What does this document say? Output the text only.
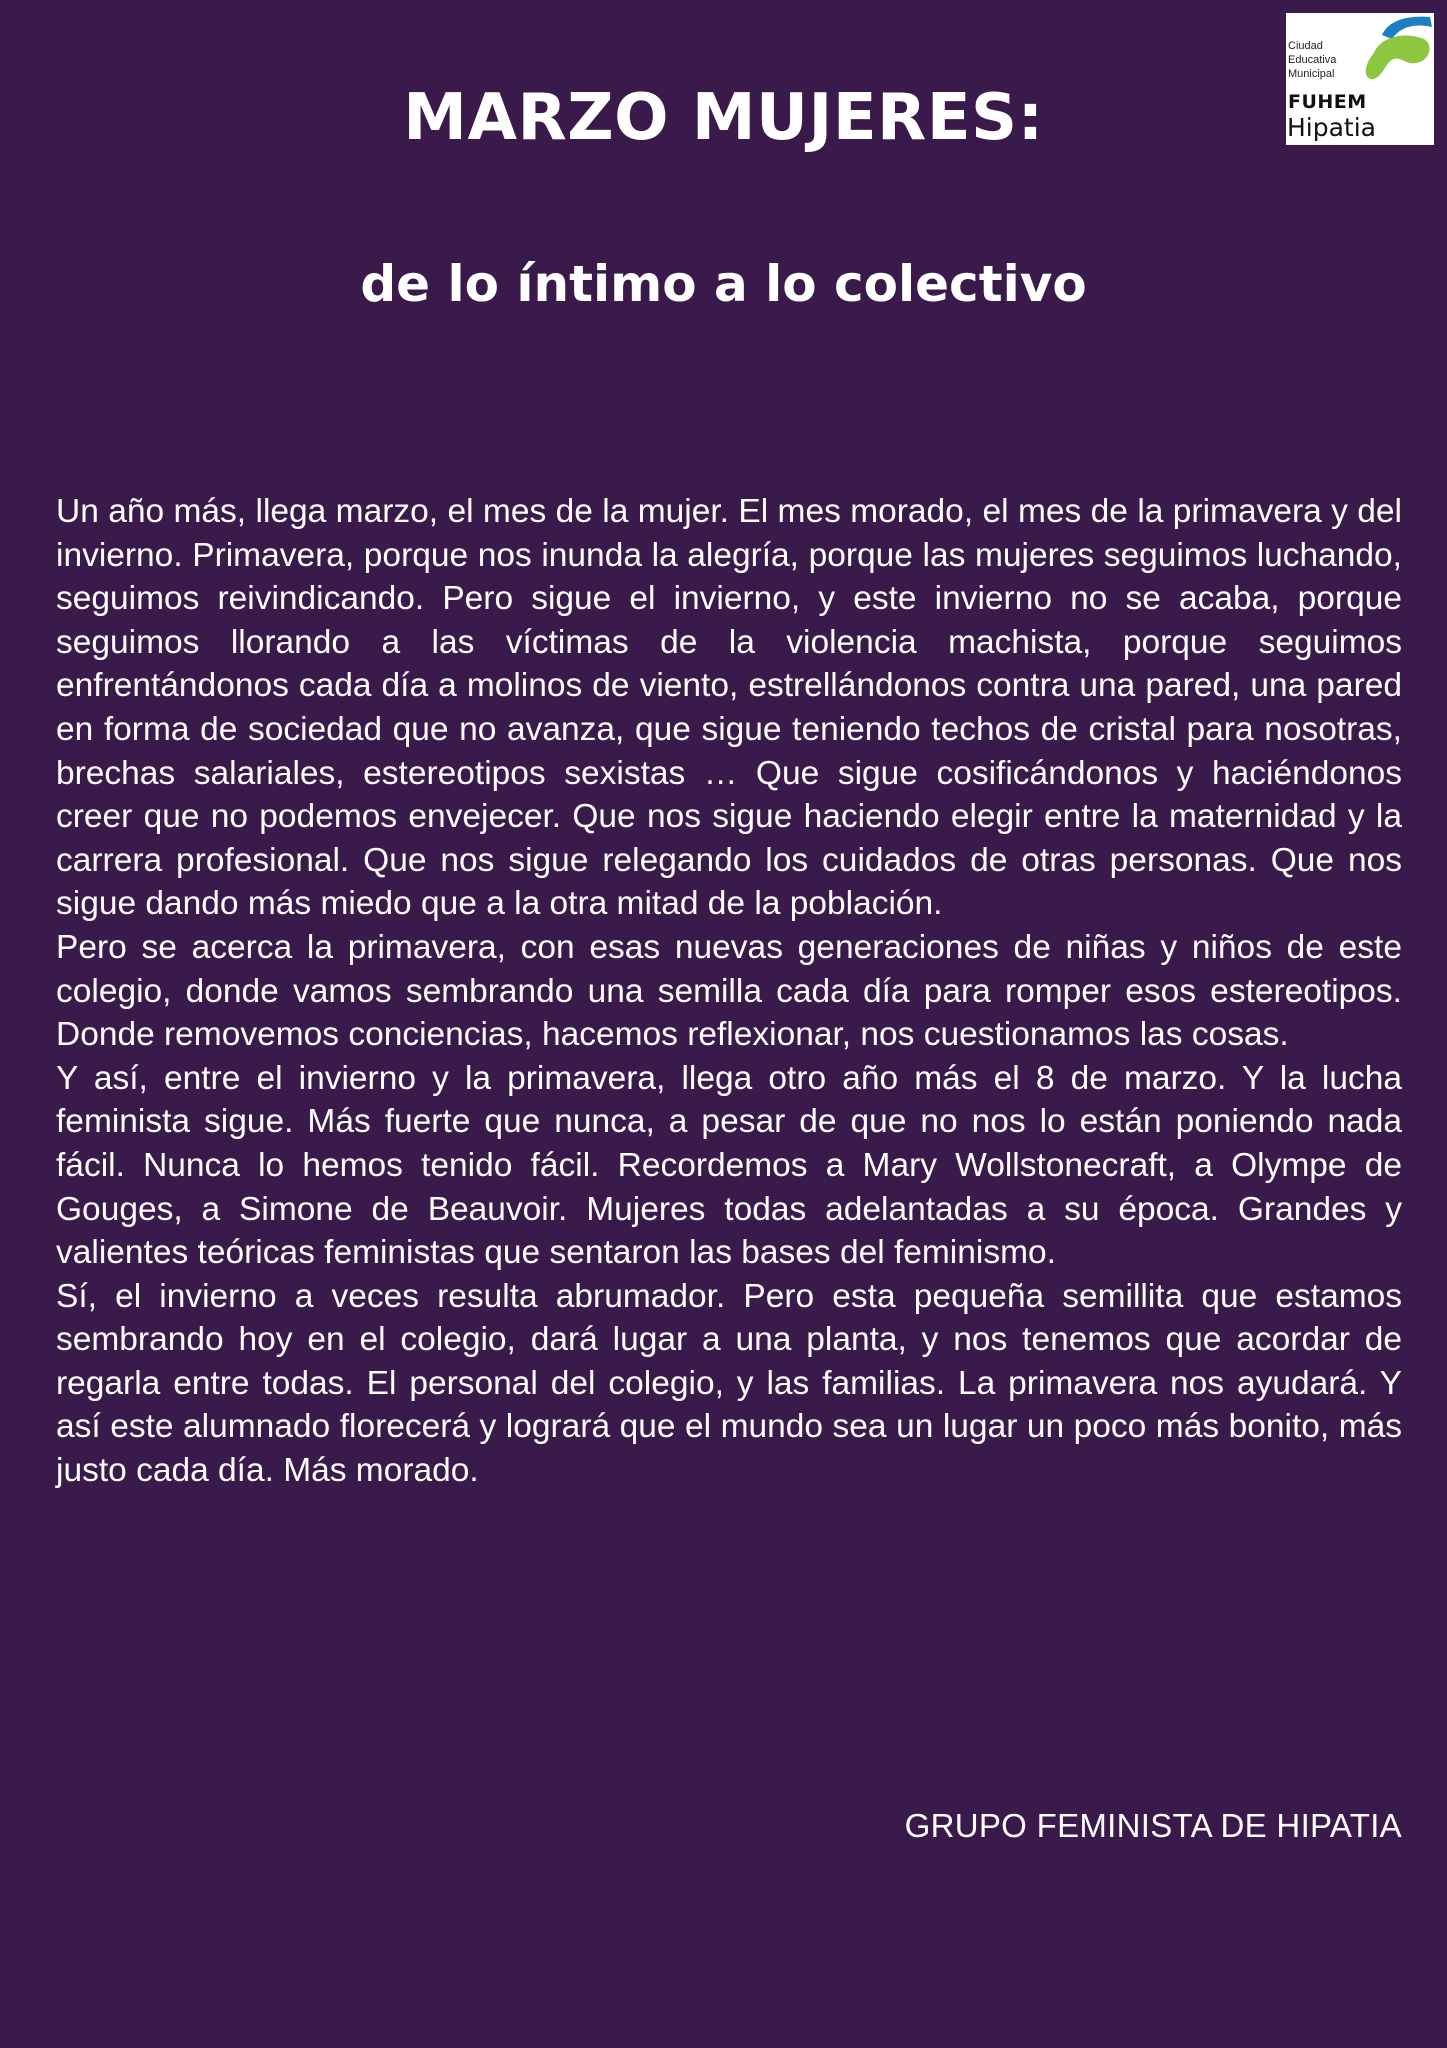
MARZO MUJERES:
de lo íntimo a lo colectivo
Ciudad
Educativa
Municipal
FUHEM
Hipatia

Un año más, llega marzo, el mes de la mujer. El mes morado, el mes de la primavera y del invierno. Primavera, porque nos inunda la alegría, porque las mujeres seguimos luchando, seguimos reivindicando. Pero sigue el invierno, y este invierno no se acaba, porque seguimos llorando a las víctimas de la violencia machista, porque seguimos enfrentándonos cada día a molinos de viento, estrellándonos contra una pared, una pared en forma de sociedad que no avanza, que sigue teniendo techos de cristal para nosotras, brechas salariales, estereotipos sexistas … Que sigue cosificándonos y haciéndonos creer que no podemos envejecer. Que nos sigue haciendo elegir entre la maternidad y la carrera profesional. Que nos sigue relegando los cuidados de otras personas. Que nos sigue dando más miedo que a la otra mitad de la población.

Pero se acerca la primavera, con esas nuevas generaciones de niñas y niños de este colegio, donde vamos sembrando una semilla cada día para romper esos estereotipos. Donde removemos conciencias, hacemos reflexionar, nos cuestionamos las cosas.

Y así, entre el invierno y la primavera, llega otro año más el 8 de marzo. Y la lucha feminista sigue. Más fuerte que nunca, a pesar de que no nos lo están poniendo nada fácil. Nunca lo hemos tenido fácil. Recordemos a Mary Wollstonecraft, a Olympe de Gouges, a Simone de Beauvoir. Mujeres todas adelantadas a su época. Grandes y valientes teóricas feministas que sentaron las bases del feminismo.

Sí, el invierno a veces resulta abrumador. Pero esta pequeña semillita que estamos sembrando hoy en el colegio, dará lugar a una planta, y nos tenemos que acordar de regarla entre todas. El personal del colegio, y las familias. La primavera nos ayudará. Y así este alumnado florecerá y logrará que el mundo sea un lugar un poco más bonito, más justo cada día. Más morado.

GRUPO FEMINISTA DE HIPATIA
